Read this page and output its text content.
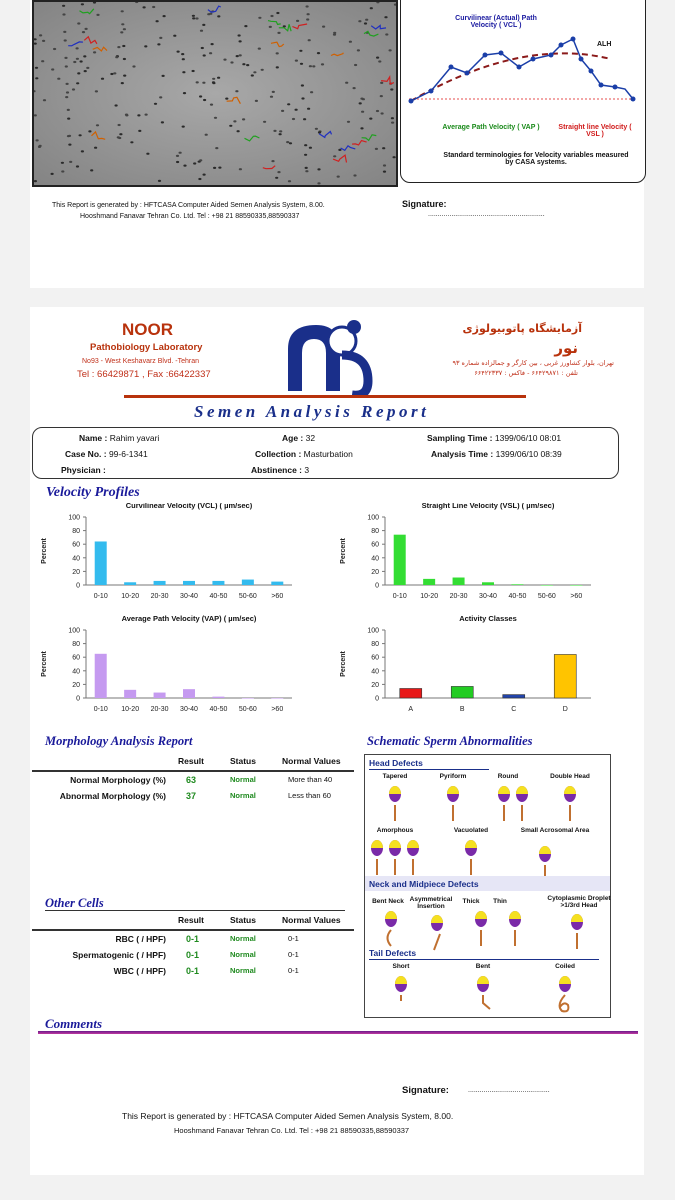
Curvilinear (Actual) Path Velocity ( VCL )
ALH
Average Path Velocity ( VAP )	Straight line Velocity ( VSL )
Standard terminologies for Velocity variables measured by CASA systems.
This Report is generated by : HFTCASA Computer Aided Semen Analysis System, 8.00.
Hooshmand Fanavar Tehran Co. Ltd. Tel : +98 21 88590335,88590337
Signature:
............................................................
NOOR
Pathobiology Laboratory
No93 - West Keshavarz Blvd. -Tehran
Tel : 66429871 , Fax :66422337
آزمایشگاه پاتوبیولوژی
نور
تهران، بلوار کشاورز غربی ، بین کارگر و جمالزاده شماره ۹۳
تلفن : ۶۶۴۲۹۸۷۱ - فاکس : ۶۶۴۲۲۳۳۷
Semen Analysis Report
Name : Rahim yavari
Case No. : 99-6-1341
Physician :
Age : 32
Collection : Masturbation
Abstinence : 3
Sampling Time : 1399/06/10 08:01
Analysis Time : 1399/06/10 08:39
Velocity Profiles
Curvilinear Velocity (VCL) ( µm/sec)
Percent
0
20
40
60
80
100
0-10 10-20 20-30 30-40 40-50 50-60 >60
Straight Line Velocity (VSL) ( µm/sec)
Percent
0
20
40
60
80
100
0-10 10-20 20-30 30-40 40-50 50-60 >60
Average Path Velocity (VAP) ( µm/sec)
Percent
0
20
40
60
80
100
0-10 10-20 20-30 30-40 40-50 50-60 >60
Activity Classes
Percent
0
20
40
60
80
100
A	B	C	D
Morphology Analysis Report
Result	Status	Normal Values
Normal Morphology (%) 63	Normal	More than 40
Abnormal Morphology (%) 37	Normal	Less than 60
Other Cells
Result	Status	Normal Values
RBC ( / HPF) 0-1	Normal	0-1
Spermatogenic ( / HPF) 0-1	Normal	0-1
WBC ( / HPF) 0-1	Normal	0-1
Schematic Sperm Abnormalities
Head Defects
Tapered	Pyriform	Round	Double Head
Amorphous	Vacuolated	Small Acrosomal Area
Neck and Midpiece Defects
Bent Neck Asymmetrical Insertion
Thick	Thin	Cytoplasmic Droplet >1/3rd Head
Tail Defects
Short	Bent	Coiled
Comments
Signature:	..........................................
This Report is generated by : HFTCASA Computer Aided Semen Analysis System, 8.00.
Hooshmand Fanavar Tehran Co. Ltd. Tel : +98 21 88590335,88590337
